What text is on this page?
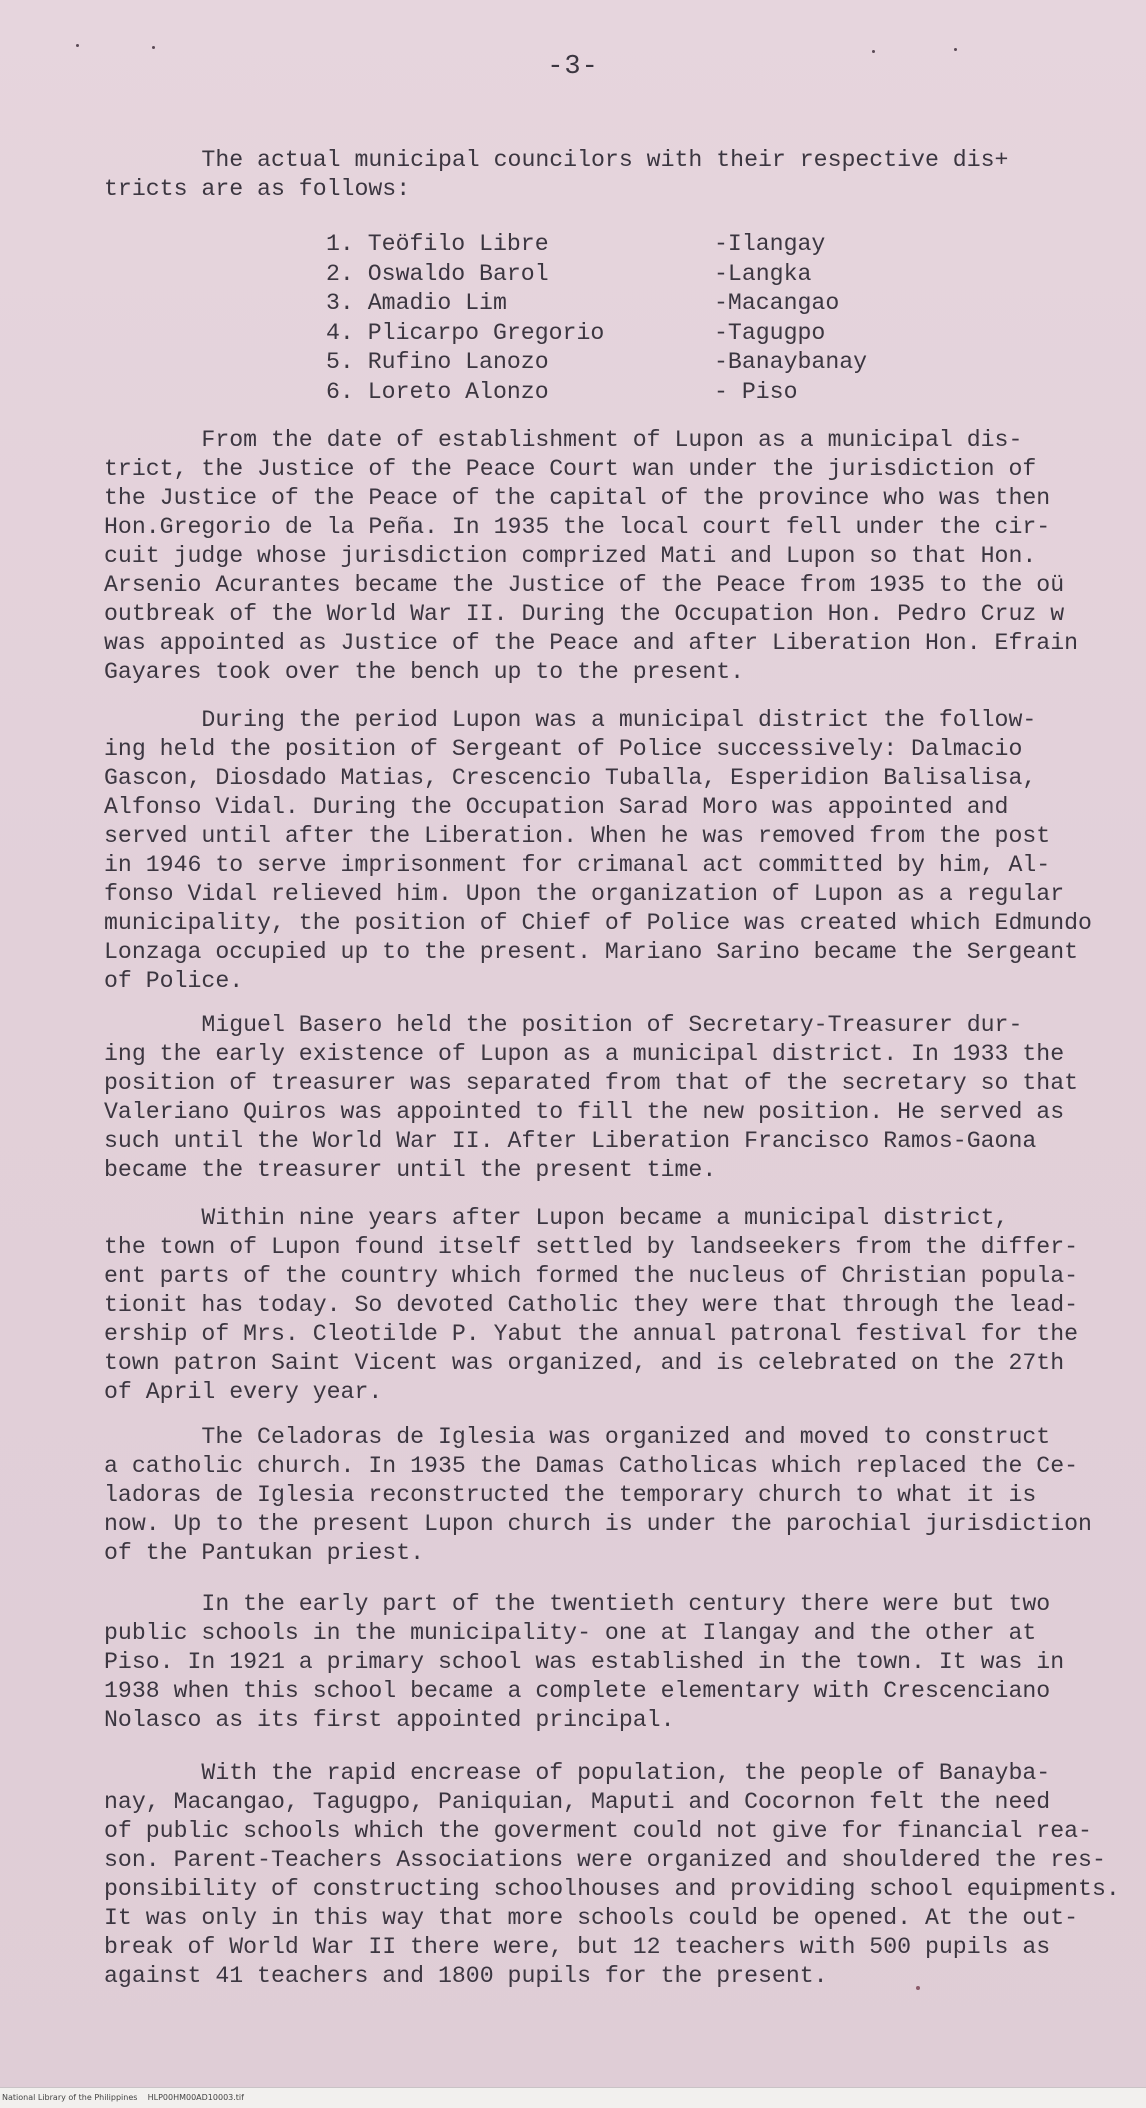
-3-
The actual municipal councilors with their respective dis+
tricts are as follows:
1. Teöfilo Libre	-Ilangay
2. Oswaldo Barol	-Langka
3. Amadio Lim	-Macangao
4. Plicarpo Gregorio	-Tagugpo
5. Rufino Lanozo	-Banaybanay
6. Loreto Alonzo	- Piso
From the date of establishment of Lupon as a municipal dis-
trict, the Justice of the Peace Court wan under the jurisdiction of
the Justice of the Peace of the capital of the province who was then
Hon.Gregorio de la Peña. In 1935 the local court fell under the cir-
cuit judge whose jurisdiction comprized Mati and Lupon so that Hon.
Arsenio Acurantes became the Justice of the Peace from 1935 to the oü
outbreak of the World War II. During the Occupation Hon. Pedro Cruz w
was appointed as Justice of the Peace and after Liberation Hon. Efrain
Gayares took over the bench up to the present.
During the period Lupon was a municipal district the follow-
ing held the position of Sergeant of Police successively: Dalmacio
Gascon, Diosdado Matias, Crescencio Tuballa, Esperidion Balisalisa,
Alfonso Vidal. During the Occupation Sarad Moro was appointed and
served until after the Liberation. When he was removed from the post
in 1946 to serve imprisonment for crimanal act committed by him, Al-
fonso Vidal relieved him. Upon the organization of Lupon as a regular
municipality, the position of Chief of Police was created which Edmundo
Lonzaga occupied up to the present. Mariano Sarino became the Sergeant
of Police.
Miguel Basero held the position of Secretary-Treasurer dur-
ing the early existence of Lupon as a municipal district. In 1933 the
position of treasurer was separated from that of the secretary so that
Valeriano Quiros was appointed to fill the new position. He served as
such until the World War II. After Liberation Francisco Ramos-Gaona
became the treasurer until the present time.
Within nine years after Lupon became a municipal district,
the town of Lupon found itself settled by landseekers from the differ-
ent parts of the country which formed the nucleus of Christian popula-
tionit has today. So devoted Catholic they were that through the lead-
ership of Mrs. Cleotilde P. Yabut the annual patronal festival for the
town patron Saint Vicent was organized, and is celebrated on the 27th
of April every year.
The Celadoras de Iglesia was organized and moved to construct
a catholic church. In 1935 the Damas Catholicas which replaced the Ce-
ladoras de Iglesia reconstructed the temporary church to what it is
now. Up to the present Lupon church is under the parochial jurisdiction
of the Pantukan priest.
In the early part of the twentieth century there were but two
public schools in the municipality- one at Ilangay and the other at
Piso. In 1921 a primary school was established in the town. It was in
1938 when this school became a complete elementary with Crescenciano
Nolasco as its first appointed principal.
With the rapid encrease of population, the people of Banayba-
nay, Macangao, Tagugpo, Paniquian, Maputi and Cocornon felt the need
of public schools which the goverment could not give for financial rea-
son. Parent-Teachers Associations were organized and shouldered the res-
ponsibility of constructing schoolhouses and providing school equipments.
It was only in this way that more schools could be opened. At the out-
break of World War II there were, but 12 teachers with 500 pupils as
against 41 teachers and 1800 pupils for the present.
National Library of the Philippines    HLP00HM00AD10003.tif
